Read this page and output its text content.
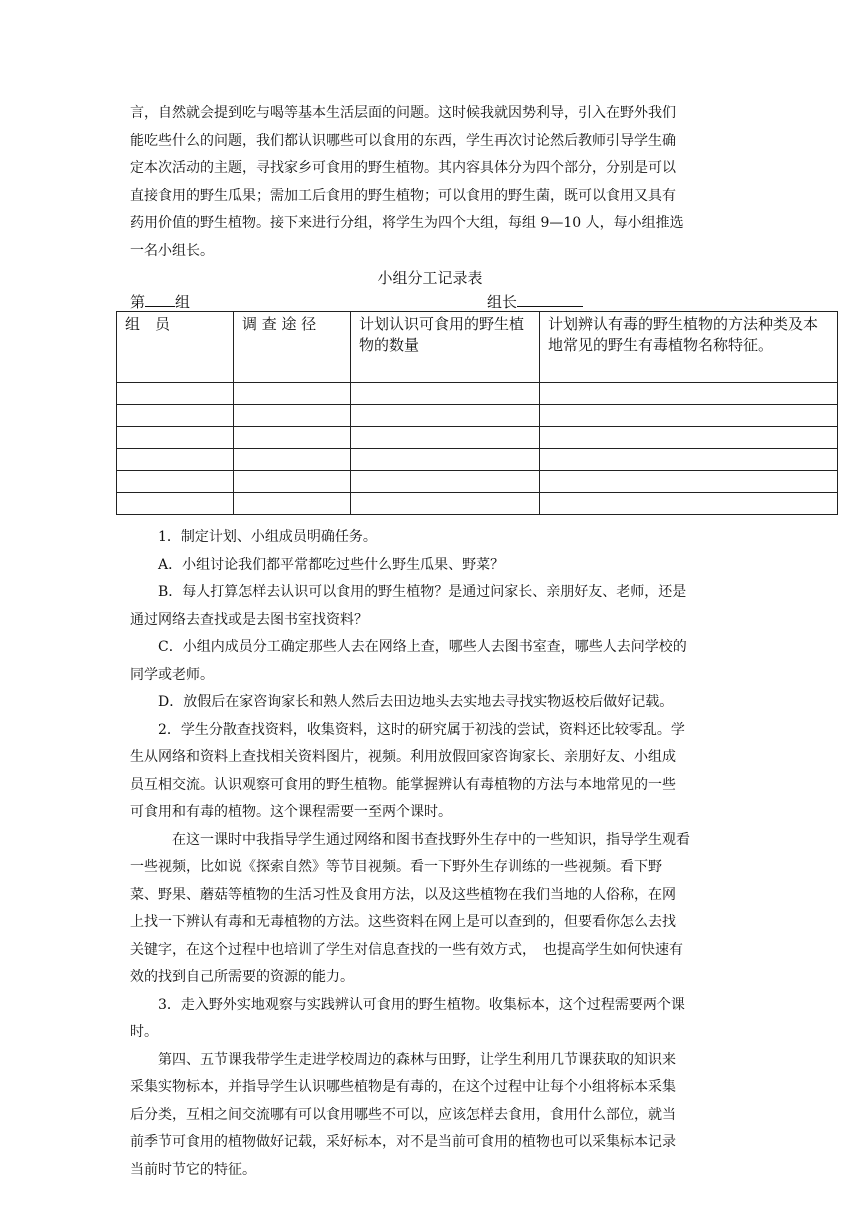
言，自然就会提到吃与喝等基本生活层面的问题。这时候我就因势利导，引入在野外我们
能吃些什么的问题，我们都认识哪些可以食用的东西，学生再次讨论然后教师引导学生确
定本次活动的主题，寻找家乡可食用的野生植物。其内容具体分为四个部分，分别是可以
直接食用的野生瓜果；需加工后食用的野生植物；可以食用的野生菌，既可以食用又具有
药用价值的野生植物。接下来进行分组，将学生为四个大组，每组 9—10 人，每小组推选
一名小组长。
小组分工记录表
第 组	组长
组　员	调 查 途 径	计划认识可食用的野生植物的数量	计划辨认有毒的野生植物的方法种类及本地常见的野生有毒植物名称特征。

1．制定计划、小组成员明确任务。
A．小组讨论我们都平常都吃过些什么野生瓜果、野菜？
B．每人打算怎样去认识可以食用的野生植物？是通过问家长、亲朋好友、老师，还是
通过网络去查找或是去图书室找资料？
C．小组内成员分工确定那些人去在网络上查，哪些人去图书室查，哪些人去问学校的
同学或老师。
D．放假后在家咨询家长和熟人然后去田边地头去实地去寻找实物返校后做好记载。
2．学生分散查找资料，收集资料，这时的研究属于初浅的尝试，资料还比较零乱。学
生从网络和资料上查找相关资料图片，视频。利用放假回家咨询家长、亲朋好友、小组成
员互相交流。认识观察可食用的野生植物。能掌握辨认有毒植物的方法与本地常见的一些
可食用和有毒的植物。这个课程需要一至两个课时。
在这一课时中我指导学生通过网络和图书查找野外生存中的一些知识，指导学生观看
一些视频，比如说《探索自然》等节目视频。看一下野外生存训练的一些视频。看下野
菜、野果、蘑菇等植物的生活习性及食用方法，以及这些植物在我们当地的人俗称，在网
上找一下辨认有毒和无毒植物的方法。这些资料在网上是可以查到的，但要看你怎么去找
关键字，在这个过程中也培训了学生对信息查找的一些有效方式，　也提高学生如何快速有
效的找到自己所需要的资源的能力。
3．走入野外实地观察与实践辨认可食用的野生植物。收集标本，这个过程需要两个课
时。
第四、五节课我带学生走进学校周边的森林与田野，让学生利用几节课获取的知识来
采集实物标本，并指导学生认识哪些植物是有毒的，在这个过程中让每个小组将标本采集
后分类，互相之间交流哪有可以食用哪些不可以，应该怎样去食用，食用什么部位，就当
前季节可食用的植物做好记载，采好标本，对不是当前可食用的植物也可以采集标本记录
当前时节它的特征。
